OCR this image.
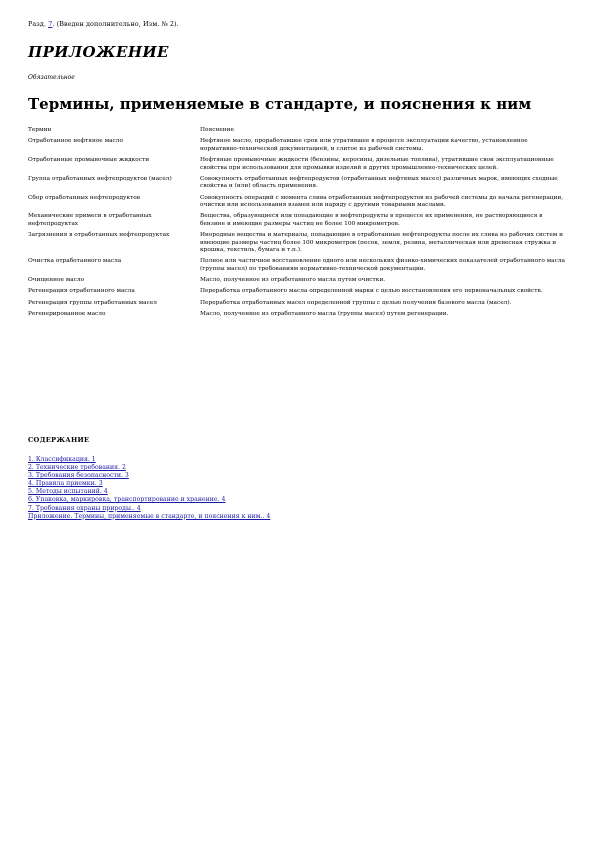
Разд. 7. (Введен дополнительно, Изм. № 2).
ПРИЛОЖЕНИЕ
Обязательное
Термины, применяемые в стандарте, и пояснения к ним
Термин	Пояснение
Отработанное нефтяное масло	Нефтяное масло, проработавшее срок или утратившее в процессе эксплуатации качество, установленное нормативно-технической документацией, и слитое из рабочей системы.
Отработанные промывочные жидкости	Нефтяные промывочные жидкости (бензины, керосины, дизельные топлива), утратившие свои эксплуатационные свойства при использовании для промывки изделий и других промышленно-технических целей.
Группа отработанных нефтепродуктов (масел)	Совокупность отработанных нефтепродуктов (отработанных нефтяных масел) различных марок, имеющих сходные свойства и (или) область применения.
Сбор отработанных нефтепродуктов	Совокупность операций с момента слива отработанных нефтепродуктов из рабочей системы до начала регенерации, очистки или использования взамен или наряду с другими товарными маслами.
Механические примеси в отработанных нефтепродуктах	Вещества, образующиеся или попадающие в нефтепродукты в процессе их применения, не растворяющиеся в бензине и имеющие размеры частиц не более 100 микрометров.
Загрязнения в отработанных нефтепродуктах	Инородные вещества и материалы, попадающие в отработанные нефтепродукты после их слива из рабочих систем и имеющие размеры частиц более 100 микрометров (песок, земля, резина, металлическая или древесная стружка и крошка, текстиль, бумага и т.п.).
Очистка отработанного масла	Полное или частичное восстановление одного или нескольких физико-химических показателей отработанного масла (группы масел) по требованиям нормативно-технической документации.
Очищенное масло	Масло, полученное из отработанного масла путем очистки.
Регенерация отработанного масла	Переработка отработанного масла определенной марки с целью восстановления его первоначальных свойств.
Регенерация группы отработанных масел	Переработка отработанных масел определенной группы с целью получения базового масла (масел).
Регенерированное масло	Масло, полученное из отработанного масла (группы масел) путем регенерации.
СОДЕРЖАНИЕ
1. Классификация. 1
2. Технические требования. 2
3. Требования безопасности. 3
4. Правила приемки. 3
5. Методы испытаний. 4
6. Упаковка, маркировка, транспортирование и хранение. 4
7. Требования охраны природы.. 4
Приложение. Термины, применяемые в стандарте, и пояснения к ним.. 4
